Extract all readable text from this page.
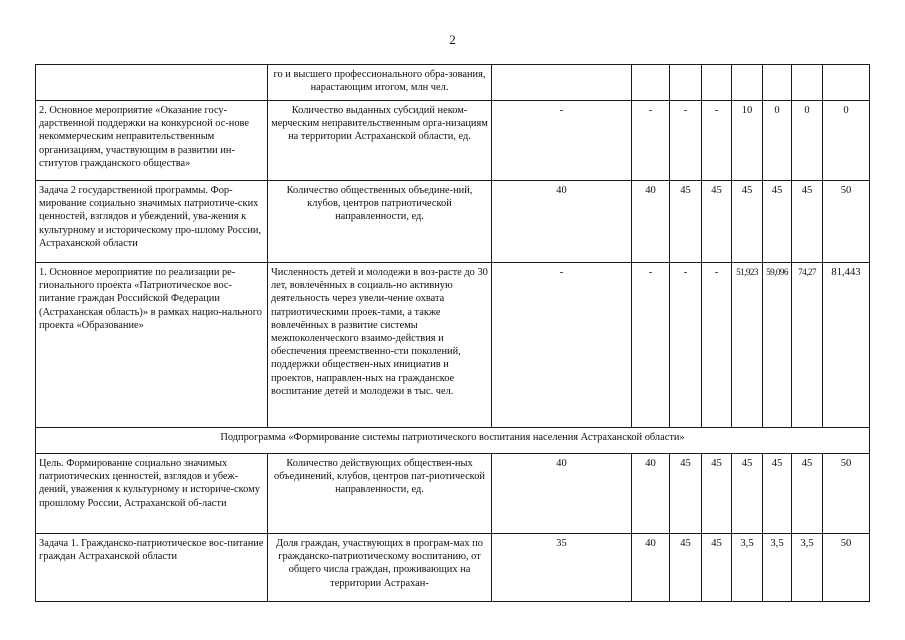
2
	го и высшего профессионального обра-зования, нарастающим итогом, млн чел.								
2. Основное мероприятие «Оказание госу-дарственной поддержки на конкурсной ос-нове некоммерческим неправительственным организациям, участвующим в развитии ин-ститутов гражданского общества»	Количество выданных субсидий неком-мерческим неправительственным орга-низациям на территории Астраханской области, ед.	-	-	-	-	10	0	0	0
Задача 2 государственной программы. Фор-мирование социально значимых патриотиче-ских ценностей, взглядов и убеждений, ува-жения к культурному и историческому про-шлому России, Астраханской области	Количество общественных объедине-ний, клубов, центров патриотической направленности, ед.	40	40	45	45	45	45	45	50
1. Основное мероприятие по реализации ре-гионального проекта «Патриотическое вос-питание граждан Российской Федерации (Астраханская область)» в рамках нацио-нального проекта «Образование»	Численность детей и молодежи в воз-расте до 30 лет, вовлечённых в социаль-но активную деятельность через увели-чение охвата патриотическими проек-тами, а также вовлечённых в развитие системы межпоколенческого взаимо-действия и обеспечения преемственно-сти поколений, поддержки обществен-ных инициатив и проектов, направлен-ных на гражданское воспитание детей и молодежи в тыс. чел.	-	-	-	-	51,923	59,096	74,27	81,443
Подпрограмма «Формирование системы патриотического воспитания населения Астраханской области»									
Цель. Формирование социально значимых патриотических ценностей, взглядов и убеж-дений, уважения к культурному и историче-скому прошлому России, Астраханской об-ласти	Количество действующих обществен-ных объединений, клубов, центров пат-риотической направленности, ед.	40	40	45	45	45	45	45	50
Задача 1. Гражданско-патриотическое вос-питание граждан Астраханской области	Доля граждан, участвующих в програм-мах по гражданско-патриотическому воспитанию, от общего числа граждан, проживающих на территории Астрахан-	35	40	45	45	3,5	3,5	3,5	50
